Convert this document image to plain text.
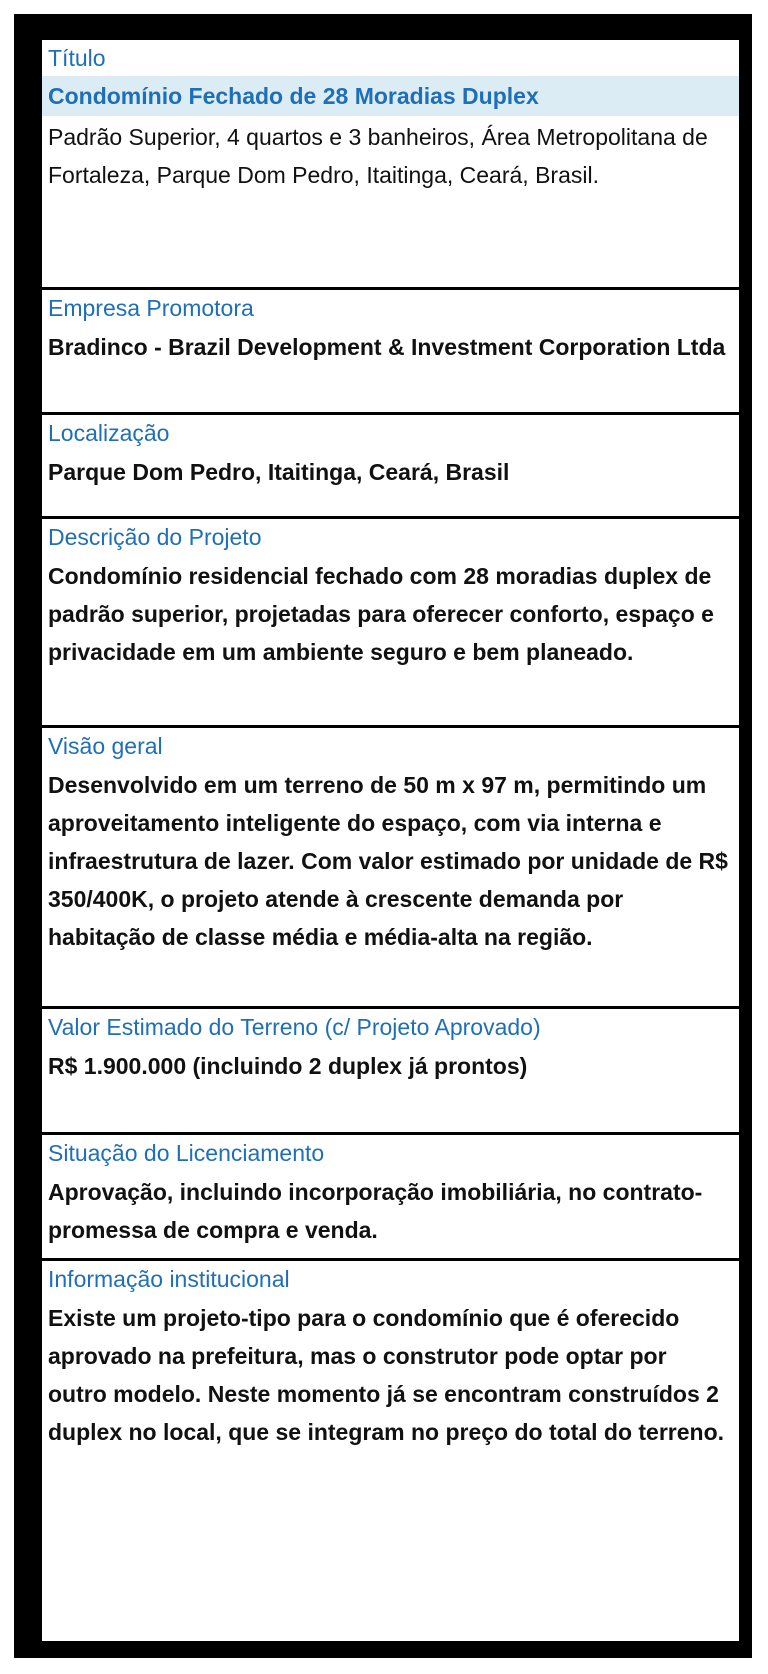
Título
Condomínio Fechado de 28 Moradias Duplex
Padrão Superior, 4 quartos e 3 banheiros, Área Metropolitana de Fortaleza, Parque Dom Pedro, Itaitinga, Ceará, Brasil.
Empresa Promotora
Bradinco - Brazil Development & Investment Corporation Ltda
Localização
Parque Dom Pedro, Itaitinga, Ceará, Brasil
Descrição do Projeto
Condomínio residencial fechado com 28 moradias duplex de padrão superior, projetadas para oferecer conforto, espaço e privacidade em um ambiente seguro e bem planeado.
Visão geral
Desenvolvido em um terreno de 50 m x 97 m, permitindo um aproveitamento inteligente do espaço, com via interna e infraestrutura de lazer. Com valor estimado por unidade de R$ 350/400K, o projeto atende à crescente demanda por habitação de classe média e média-alta na região.
Valor Estimado do Terreno (c/ Projeto Aprovado)
R$ 1.900.000 (incluindo 2 duplex já prontos)
Situação do Licenciamento
Aprovação, incluindo incorporação imobiliária, no contrato-promessa de compra e venda.
Informação institucional
Existe um projeto-tipo para o condomínio que é oferecido aprovado na prefeitura, mas o construtor pode optar por outro modelo. Neste momento já se encontram construídos 2 duplex no local, que se integram no preço do total do terreno.
